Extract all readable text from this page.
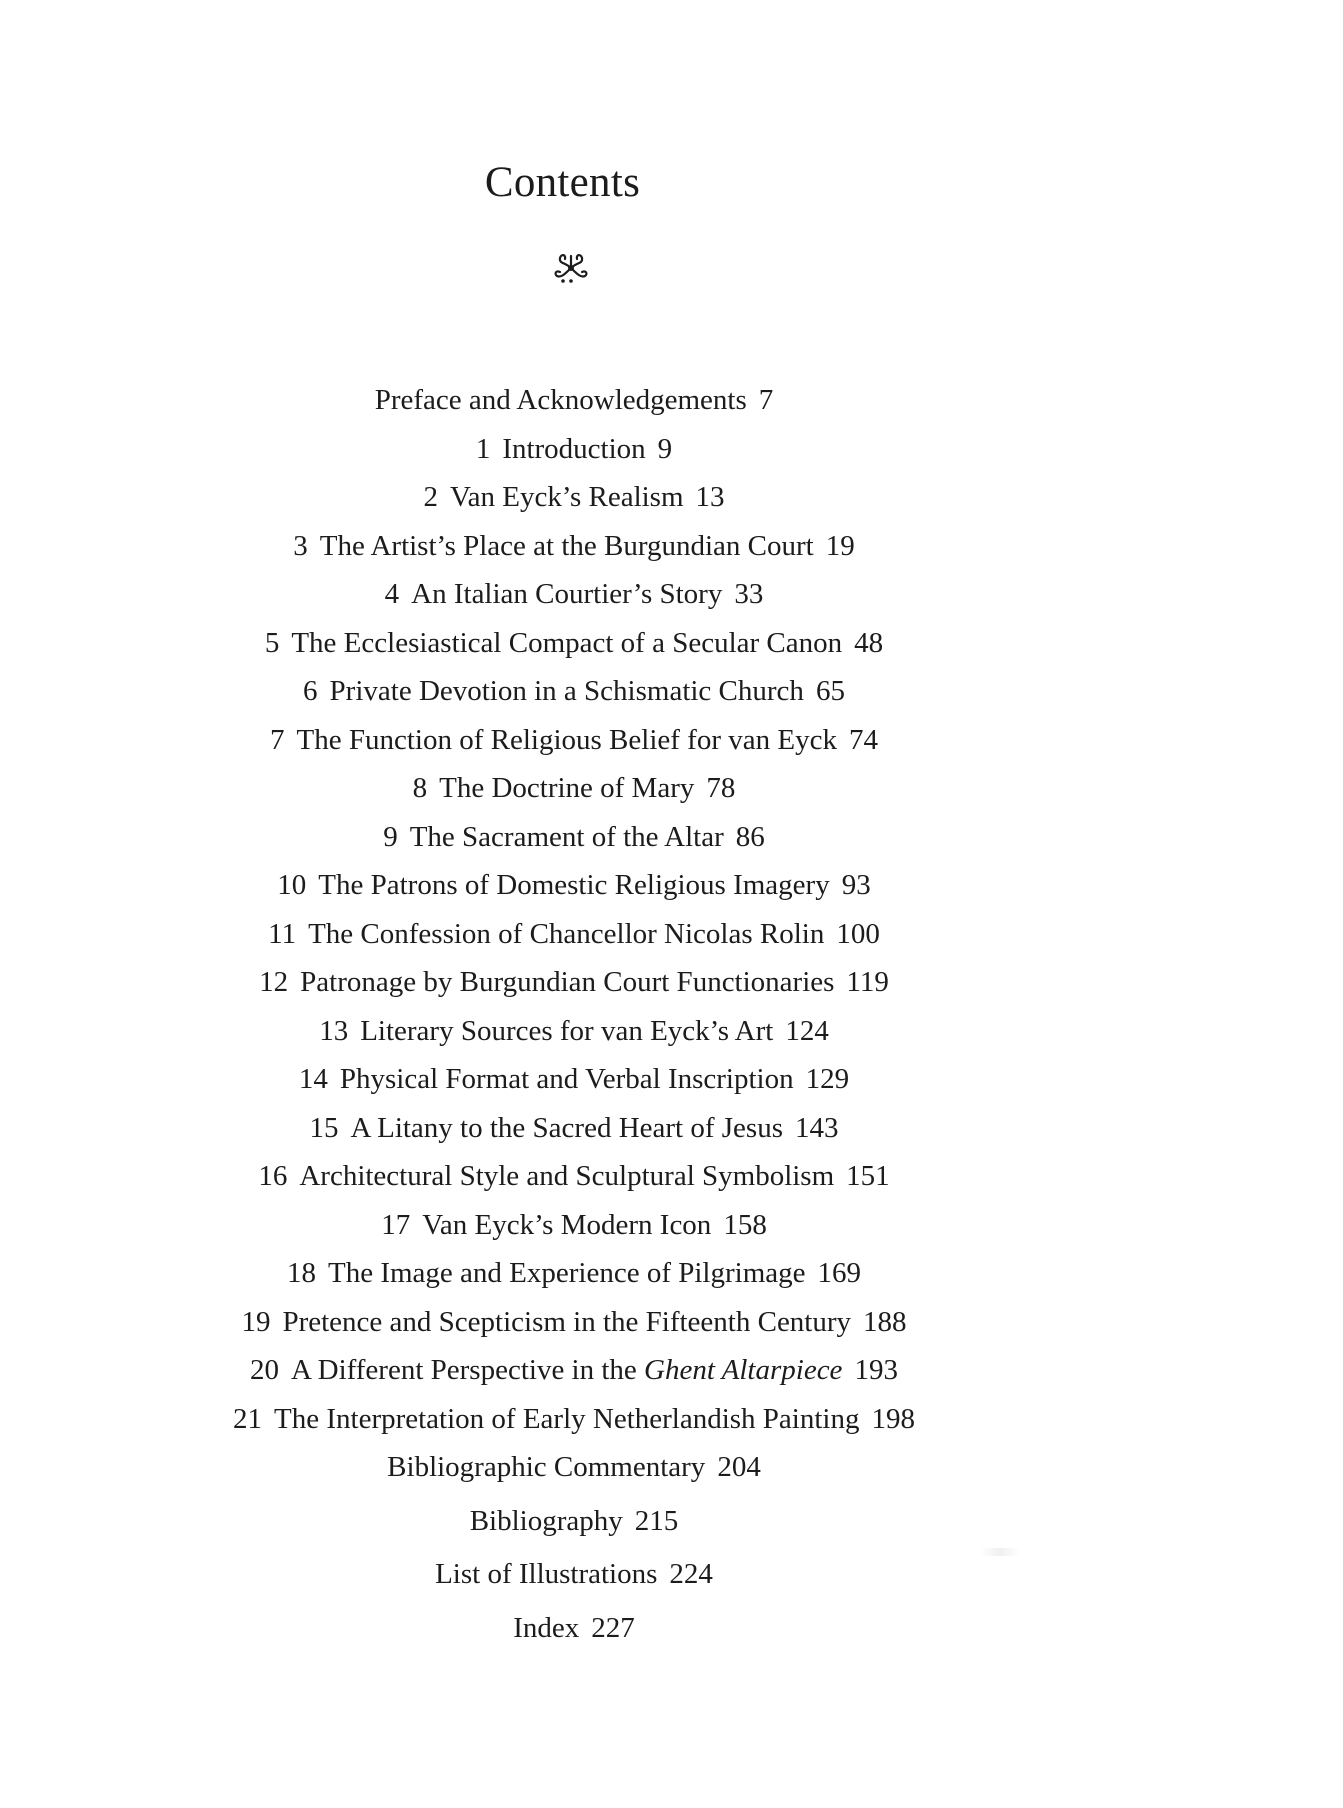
Contents
Preface and Acknowledgements 7
1 Introduction 9
2 Van Eyck’s Realism 13
3 The Artist’s Place at the Burgundian Court 19
4 An Italian Courtier’s Story 33
5 The Ecclesiastical Compact of a Secular Canon 48
6 Private Devotion in a Schismatic Church 65
7 The Function of Religious Belief for van Eyck 74
8 The Doctrine of Mary 78
9 The Sacrament of the Altar 86
10 The Patrons of Domestic Religious Imagery 93
11 The Confession of Chancellor Nicolas Rolin 100
12 Patronage by Burgundian Court Functionaries 119
13 Literary Sources for van Eyck’s Art 124
14 Physical Format and Verbal Inscription 129
15 A Litany to the Sacred Heart of Jesus 143
16 Architectural Style and Sculptural Symbolism 151
17 Van Eyck’s Modern Icon 158
18 The Image and Experience of Pilgrimage 169
19 Pretence and Scepticism in the Fifteenth Century 188
20 A Different Perspective in the Ghent Altarpiece 193
21 The Interpretation of Early Netherlandish Painting 198
Bibliographic Commentary 204
Bibliography 215
List of Illustrations 224
Index 227
